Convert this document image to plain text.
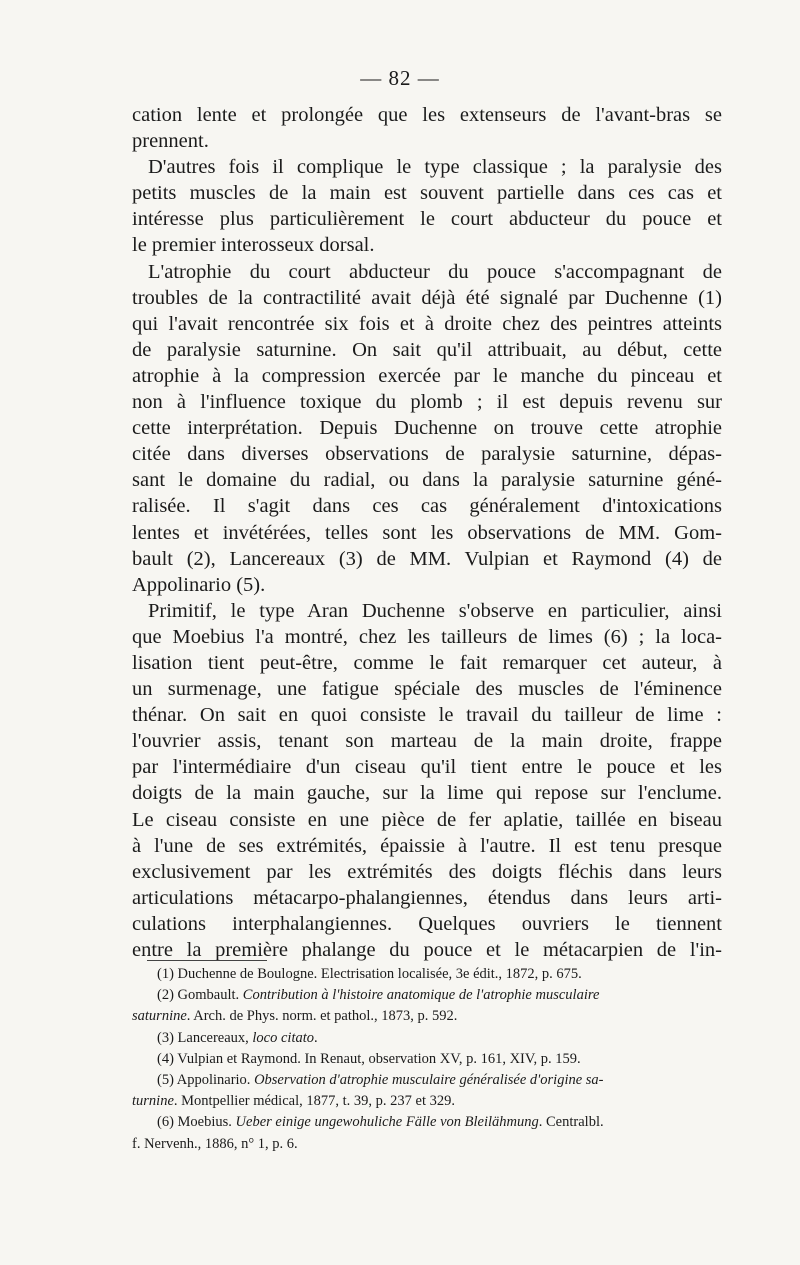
— 82 —
cation lente et prolongée que les extenseurs de l'avant-bras se
prennent.
D'autres fois il complique le type classique ; la paralysie des
petits muscles de la main est souvent partielle dans ces cas et
intéresse plus particulièrement le court abducteur du pouce et
le premier interosseux dorsal.
L'atrophie du court abducteur du pouce s'accompagnant de
troubles de la contractilité avait déjà été signalé par Duchenne (1)
qui l'avait rencontrée six fois et à droite chez des peintres atteints
de paralysie saturnine. On sait qu'il attribuait, au début, cette
atrophie à la compression exercée par le manche du pinceau et
non à l'influence toxique du plomb ; il est depuis revenu sur
cette interprétation. Depuis Duchenne on trouve cette atrophie
citée dans diverses observations de paralysie saturnine, dépas-
sant le domaine du radial, ou dans la paralysie saturnine géné-
ralisée. Il s'agit dans ces cas généralement d'intoxications
lentes et invétérées, telles sont les observations de MM. Gom-
bault (2), Lancereaux (3) de MM. Vulpian et Raymond (4) de
Appolinario (5).
Primitif, le type Aran Duchenne s'observe en particulier, ainsi
que Moebius l'a montré, chez les tailleurs de limes (6) ; la loca-
lisation tient peut-être, comme le fait remarquer cet auteur, à
un surmenage, une fatigue spéciale des muscles de l'éminence
thénar. On sait en quoi consiste le travail du tailleur de lime :
l'ouvrier assis, tenant son marteau de la main droite, frappe
par l'intermédiaire d'un ciseau qu'il tient entre le pouce et les
doigts de la main gauche, sur la lime qui repose sur l'enclume.
Le ciseau consiste en une pièce de fer aplatie, taillée en biseau
à l'une de ses extrémités, épaissie à l'autre. Il est tenu presque
exclusivement par les extrémités des doigts fléchis dans leurs
articulations métacarpo-phalangiennes, étendus dans leurs arti-
culations interphalangiennes. Quelques ouvriers le tiennent
entre la première phalange du pouce et le métacarpien de l'in-
(1) Duchenne de Boulogne. Electrisation localisée, 3e édit., 1872, p. 675.
(2) Gombault. Contribution à l'histoire anatomique de l'atrophie musculaire
saturnine. Arch. de Phys. norm. et pathol., 1873, p. 592.
(3) Lancereaux, loco citato.
(4) Vulpian et Raymond. In Renaut, observation XV, p. 161, XIV, p. 159.
(5) Appolinario. Observation d'atrophie musculaire généralisée d'origine sa-
turnine. Montpellier médical, 1877, t. 39, p. 237 et 329.
(6) Moebius. Ueber einige ungewohuliche Fälle von Bleilähmung. Centralbl.
f. Nervenh., 1886, n° 1, p. 6.
